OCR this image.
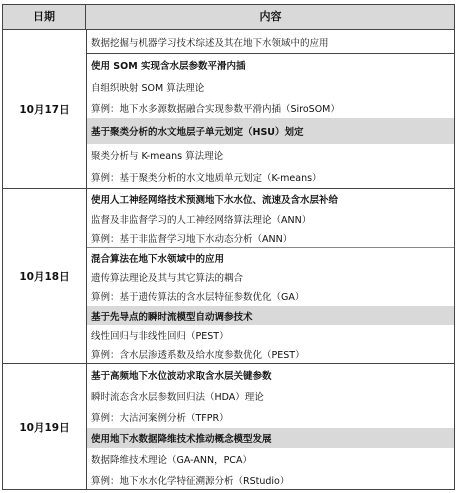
日期	内容
10月17日
数据挖掘与机器学习技术综述及其在地下水领域中的应用
使用 SOM 实现含水层参数平滑内插
自组织映射 SOM 算法理论
算例：地下水多源数据融合实现参数平滑内插（SiroSOM）
基于聚类分析的水文地层子单元划定（HSU）划定
聚类分析与 K-means 算法理论
算例：基于聚类分析的水文地质单元划定（K-means）
10月18日
使用人工神经网络技术预测地下水水位、流速及含水层补给
监督及非监督学习的人工神经网络算法理论（ANN）
算例：基于非监督学习地下水动态分析（ANN）
混合算法在地下水领域中的应用
遗传算法理论及其与其它算法的耦合
算例：基于遗传算法的含水层特征参数优化（GA）
基于先导点的瞬时流模型自动调参技术
线性回归与非线性回归（PEST）
算例：含水层渗透系数及给水度参数优化（PEST）
10月19日
基于高频地下水位波动求取含水层关键参数
瞬时流态含水层参数回归法（HDA）理论
算例：大沽河案例分析（TFPR）
使用地下水数据降维技术推动概念模型发展
数据降维技术理论（GA-ANN，PCA）
算例：地下水水化学特征溯源分析（RStudio）
